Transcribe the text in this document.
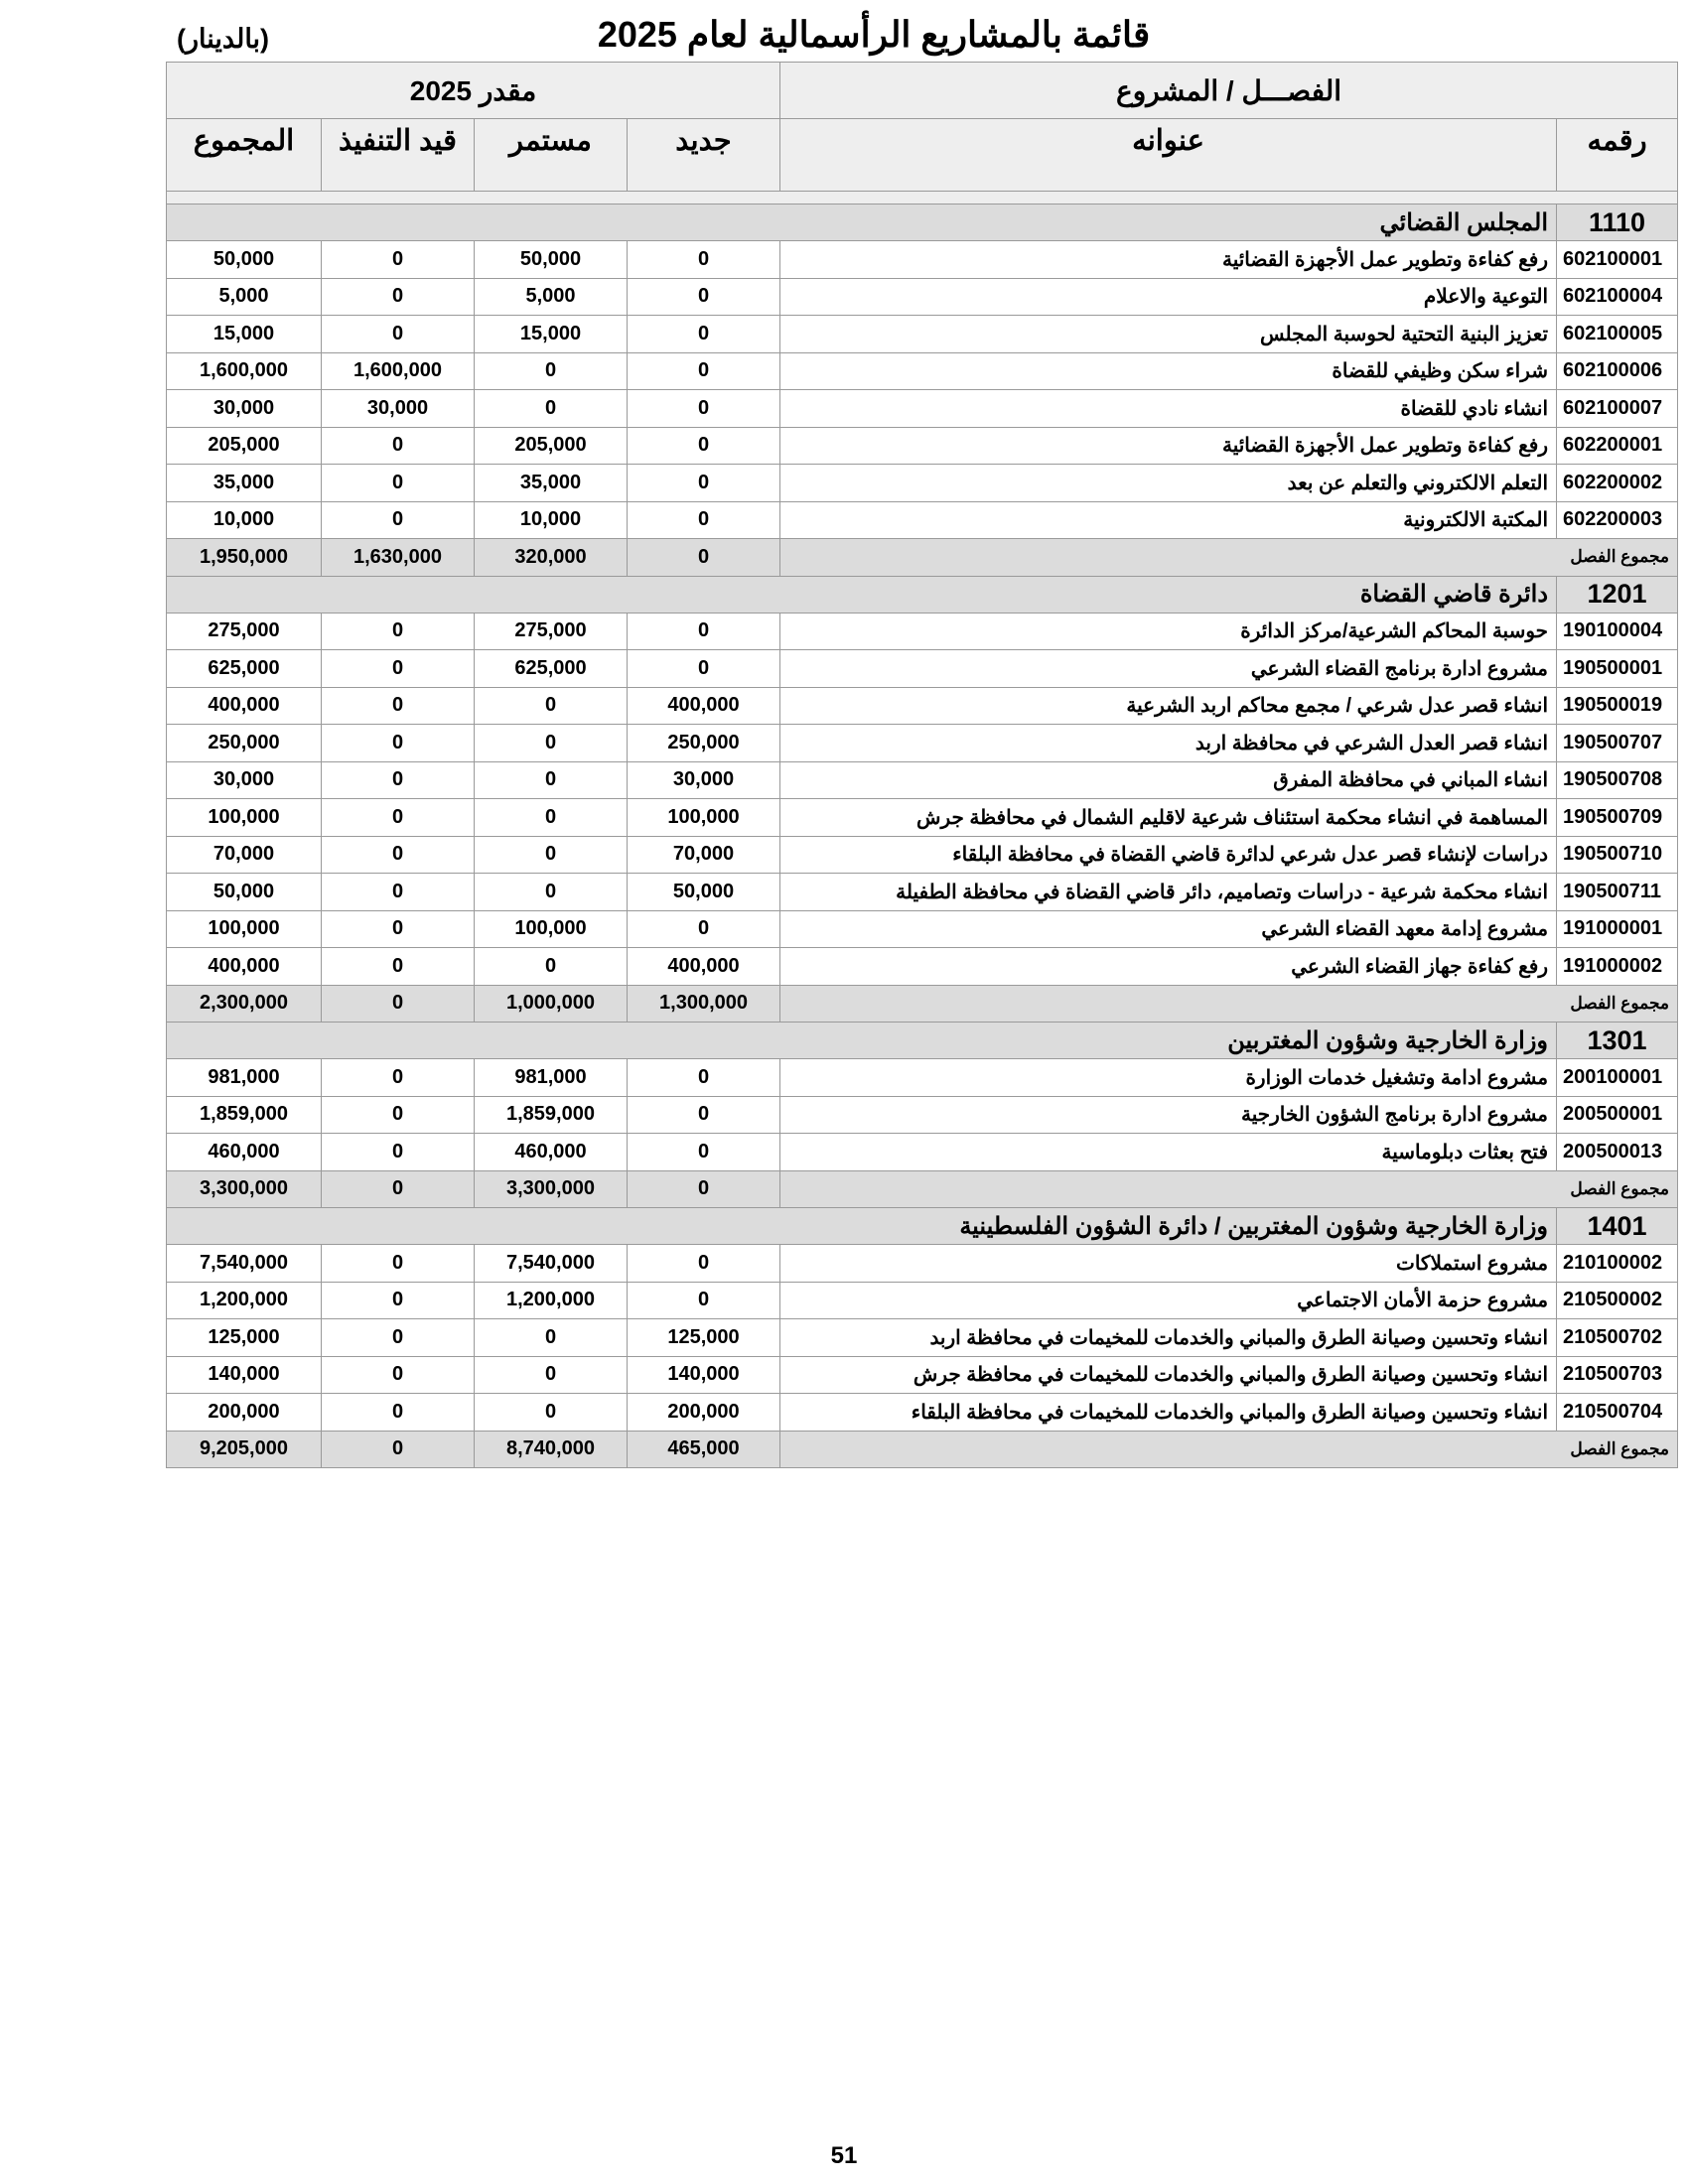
قائمة بالمشاريع الرأسمالية لعام 2025
(بالدينار)
مقدر 2025				الفصـــل / المشروع	
المجموع	قيد التنفيذ	مستمر	جديد	عنوانه	رقمه

المجلس القضائي					1110
50,000	0	50,000	0	رفع كفاءة وتطوير عمل الأجهزة القضائية	602100001
5,000	0	5,000	0	التوعية والاعلام	602100004
15,000	0	15,000	0	تعزيز البنية التحتية لحوسبة المجلس	602100005
1,600,000	1,600,000	0	0	شراء سكن وظيفي للقضاة	602100006
30,000	30,000	0	0	انشاء نادي للقضاة	602100007
205,000	0	205,000	0	رفع كفاءة وتطوير عمل الأجهزة القضائية	602200001
35,000	0	35,000	0	التعلم الالكتروني والتعلم عن بعد	602200002
10,000	0	10,000	0	المكتبة الالكترونية	602200003
1,950,000	1,630,000	320,000	0	مجموع الفصل	
دائرة قاضي القضاة					1201
275,000	0	275,000	0	حوسبة المحاكم الشرعية/مركز الدائرة	190100004
625,000	0	625,000	0	مشروع ادارة برنامج القضاء الشرعي	190500001
400,000	0	0	400,000	انشاء قصر عدل شرعي / مجمع محاكم اربد الشرعية	190500019
250,000	0	0	250,000	انشاء قصر العدل الشرعي في محافظة اربد	190500707
30,000	0	0	30,000	انشاء المباني في محافظة المفرق	190500708
100,000	0	0	100,000	المساهمة في انشاء محكمة استئناف شرعية لاقليم الشمال في محافظة جرش	190500709
70,000	0	0	70,000	دراسات لإنشاء قصر عدل شرعي لدائرة قاضي القضاة في محافظة البلقاء	190500710
50,000	0	0	50,000	انشاء محكمة شرعية - دراسات وتصاميم، دائر قاضي القضاة في محافظة الطفيلة	190500711
100,000	0	100,000	0	مشروع إدامة معهد القضاء الشرعي	191000001
400,000	0	0	400,000	رفع كفاءة جهاز القضاء الشرعي	191000002
2,300,000	0	1,000,000	1,300,000	مجموع الفصل	
وزارة الخارجية وشؤون المغتربين					1301
981,000	0	981,000	0	مشروع ادامة وتشغيل خدمات الوزارة	200100001
1,859,000	0	1,859,000	0	مشروع ادارة برنامج الشؤون الخارجية	200500001
460,000	0	460,000	0	فتح بعثات دبلوماسية	200500013
3,300,000	0	3,300,000	0	مجموع الفصل	
وزارة الخارجية وشؤون المغتربين / دائرة الشؤون الفلسطينية					1401
7,540,000	0	7,540,000	0	مشروع استملاكات	210100002
1,200,000	0	1,200,000	0	مشروع حزمة الأمان الاجتماعي	210500002
125,000	0	0	125,000	انشاء وتحسين وصيانة الطرق والمباني والخدمات للمخيمات في محافظة اربد	210500702
140,000	0	0	140,000	انشاء وتحسين وصيانة الطرق والمباني والخدمات للمخيمات في محافظة جرش	210500703
200,000	0	0	200,000	انشاء وتحسين وصيانة الطرق والمباني والخدمات للمخيمات في محافظة البلقاء	210500704
9,205,000	0	8,740,000	465,000	مجموع الفصل	
51
